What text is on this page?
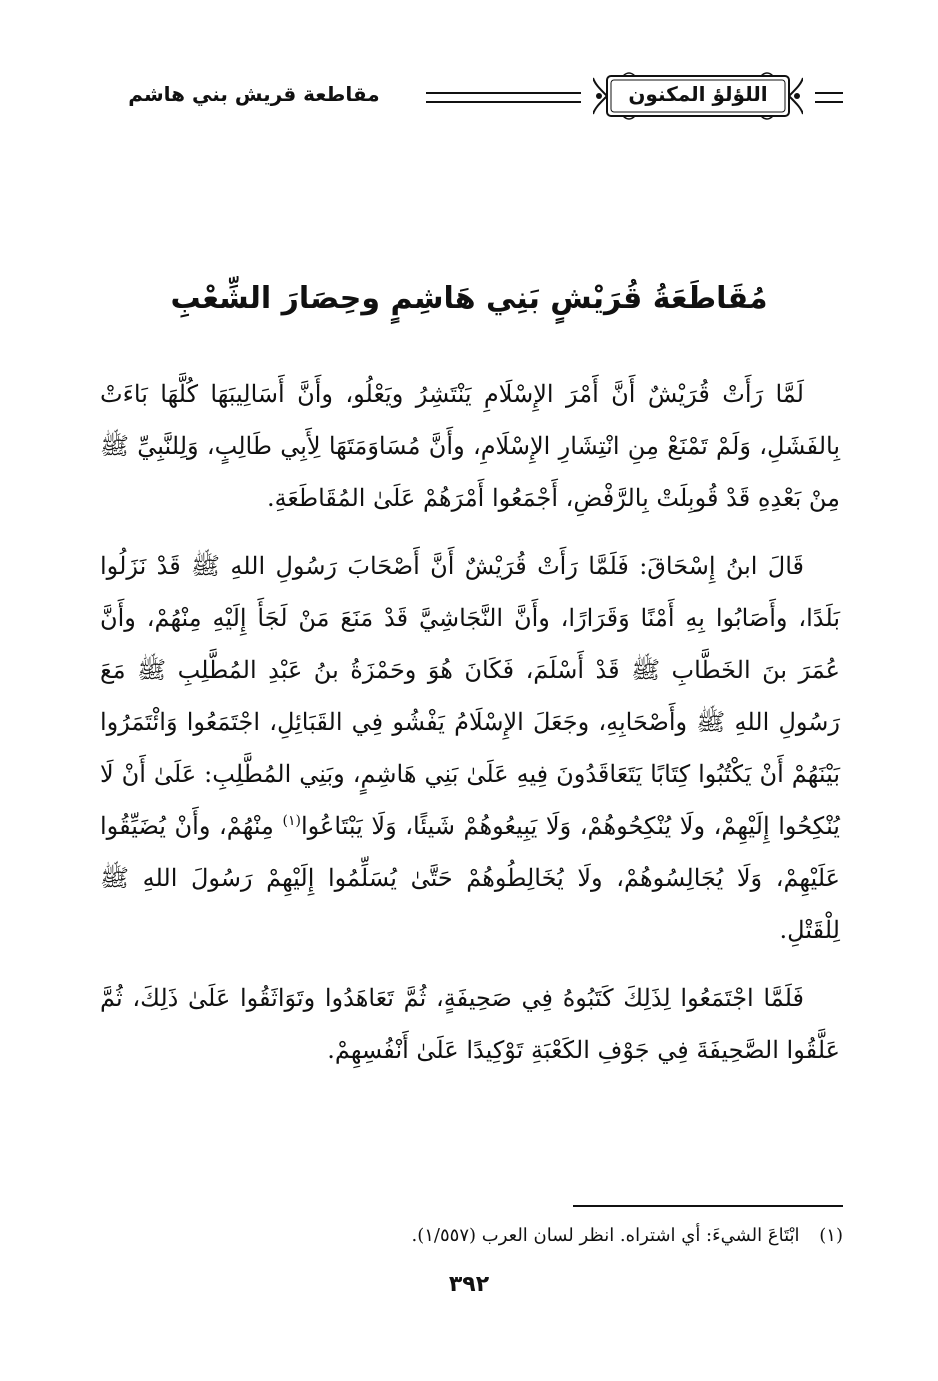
اللؤلؤ المكنون
مقاطعة قريش بني هاشم
مُقَاطَعَةُ قُرَيْشٍ بَنِي هَاشِمٍ وحِصَارَ الشِّعْبِ

لَمَّا رَأَتْ قُرَيْشٌ أَنَّ أَمْرَ الإِسْلَامِ يَنْتَشِرُ ويَعْلُو، وأَنَّ أَسَالِيبَهَا كُلَّهَا بَاءَتْ بِالفَشَلِ، وَلَمْ تَمْنَعْ مِنِ انْتِشَارِ الإِسْلَامِ، وأَنَّ مُسَاوَمَتَهَا لِأَبِي طَالِبٍ، وَلِلنَّبِيِّ ﷺ مِنْ بَعْدِهِ قَدْ قُوبِلَتْ بِالرَّفْضِ، أَجْمَعُوا أَمْرَهُمْ عَلَىٰ المُقَاطَعَةِ.

قَالَ ابنُ إِسْحَاقَ: فَلَمَّا رَأَتْ قُرَيْشٌ أَنَّ أَصْحَابَ رَسُولِ اللهِ ﷺ قَدْ نَزَلُوا بَلَدًا، وأَصَابُوا بِهِ أَمْنًا وَقَرَارًا، وأَنَّ النَّجَاشِيَّ قَدْ مَنَعَ مَنْ لَجَأَ إِلَيْهِ مِنْهُمْ، وأَنَّ عُمَرَ بنَ الخَطَّابِ ﷺ قَدْ أَسْلَمَ، فَكَانَ هُوَ وحَمْزَةُ بنُ عَبْدِ المُطَّلِبِ ﷺ مَعَ رَسُولِ اللهِ ﷺ وأَصْحَابِهِ، وجَعَلَ الإِسْلَامُ يَفْشُو فِي القَبَائِلِ، اجْتَمَعُوا وَائْتَمَرُوا بَيْنَهُمْ أَنْ يَكْتُبُوا كِتَابًا يَتَعَاقَدُونَ فِيهِ عَلَىٰ بَنِي هَاشِمٍ، وبَنِي المُطَّلِبِ: عَلَىٰ أَنْ لَا يُنْكِحُوا إِلَيْهِمْ، ولَا يُنْكِحُوهُمْ، وَلَا يَبِيعُوهُمْ شَيئًا، وَلَا يَبْتَاعُوا$^{(١)}$ مِنْهُمْ، وأَنْ يُضَيِّقُوا عَلَيْهِمْ، وَلَا يُجَالِسُوهُمْ، ولَا يُخَالِطُوهُمْ حَتَّىٰ يُسَلِّمُوا إِلَيْهِمْ رَسُولَ اللهِ ﷺ لِلْقَتْلِ.

فَلَمَّا اجْتَمَعُوا لِذَلِكَ كَتَبُوهُ فِي صَحِيفَةٍ، ثُمَّ تَعَاهَدُوا وتَوَاثَقُوا عَلَىٰ ذَلِكَ، ثُمَّ عَلَّقُوا الصَّحِيفَةَ فِي جَوْفِ الكَعْبَةِ تَوْكِيدًا عَلَىٰ أَنْفُسِهِمْ.

(١) ابْتَاعَ الشيءَ: أي اشتراه. انظر لسان العرب (١/٥٥٧).
٣٩٢
